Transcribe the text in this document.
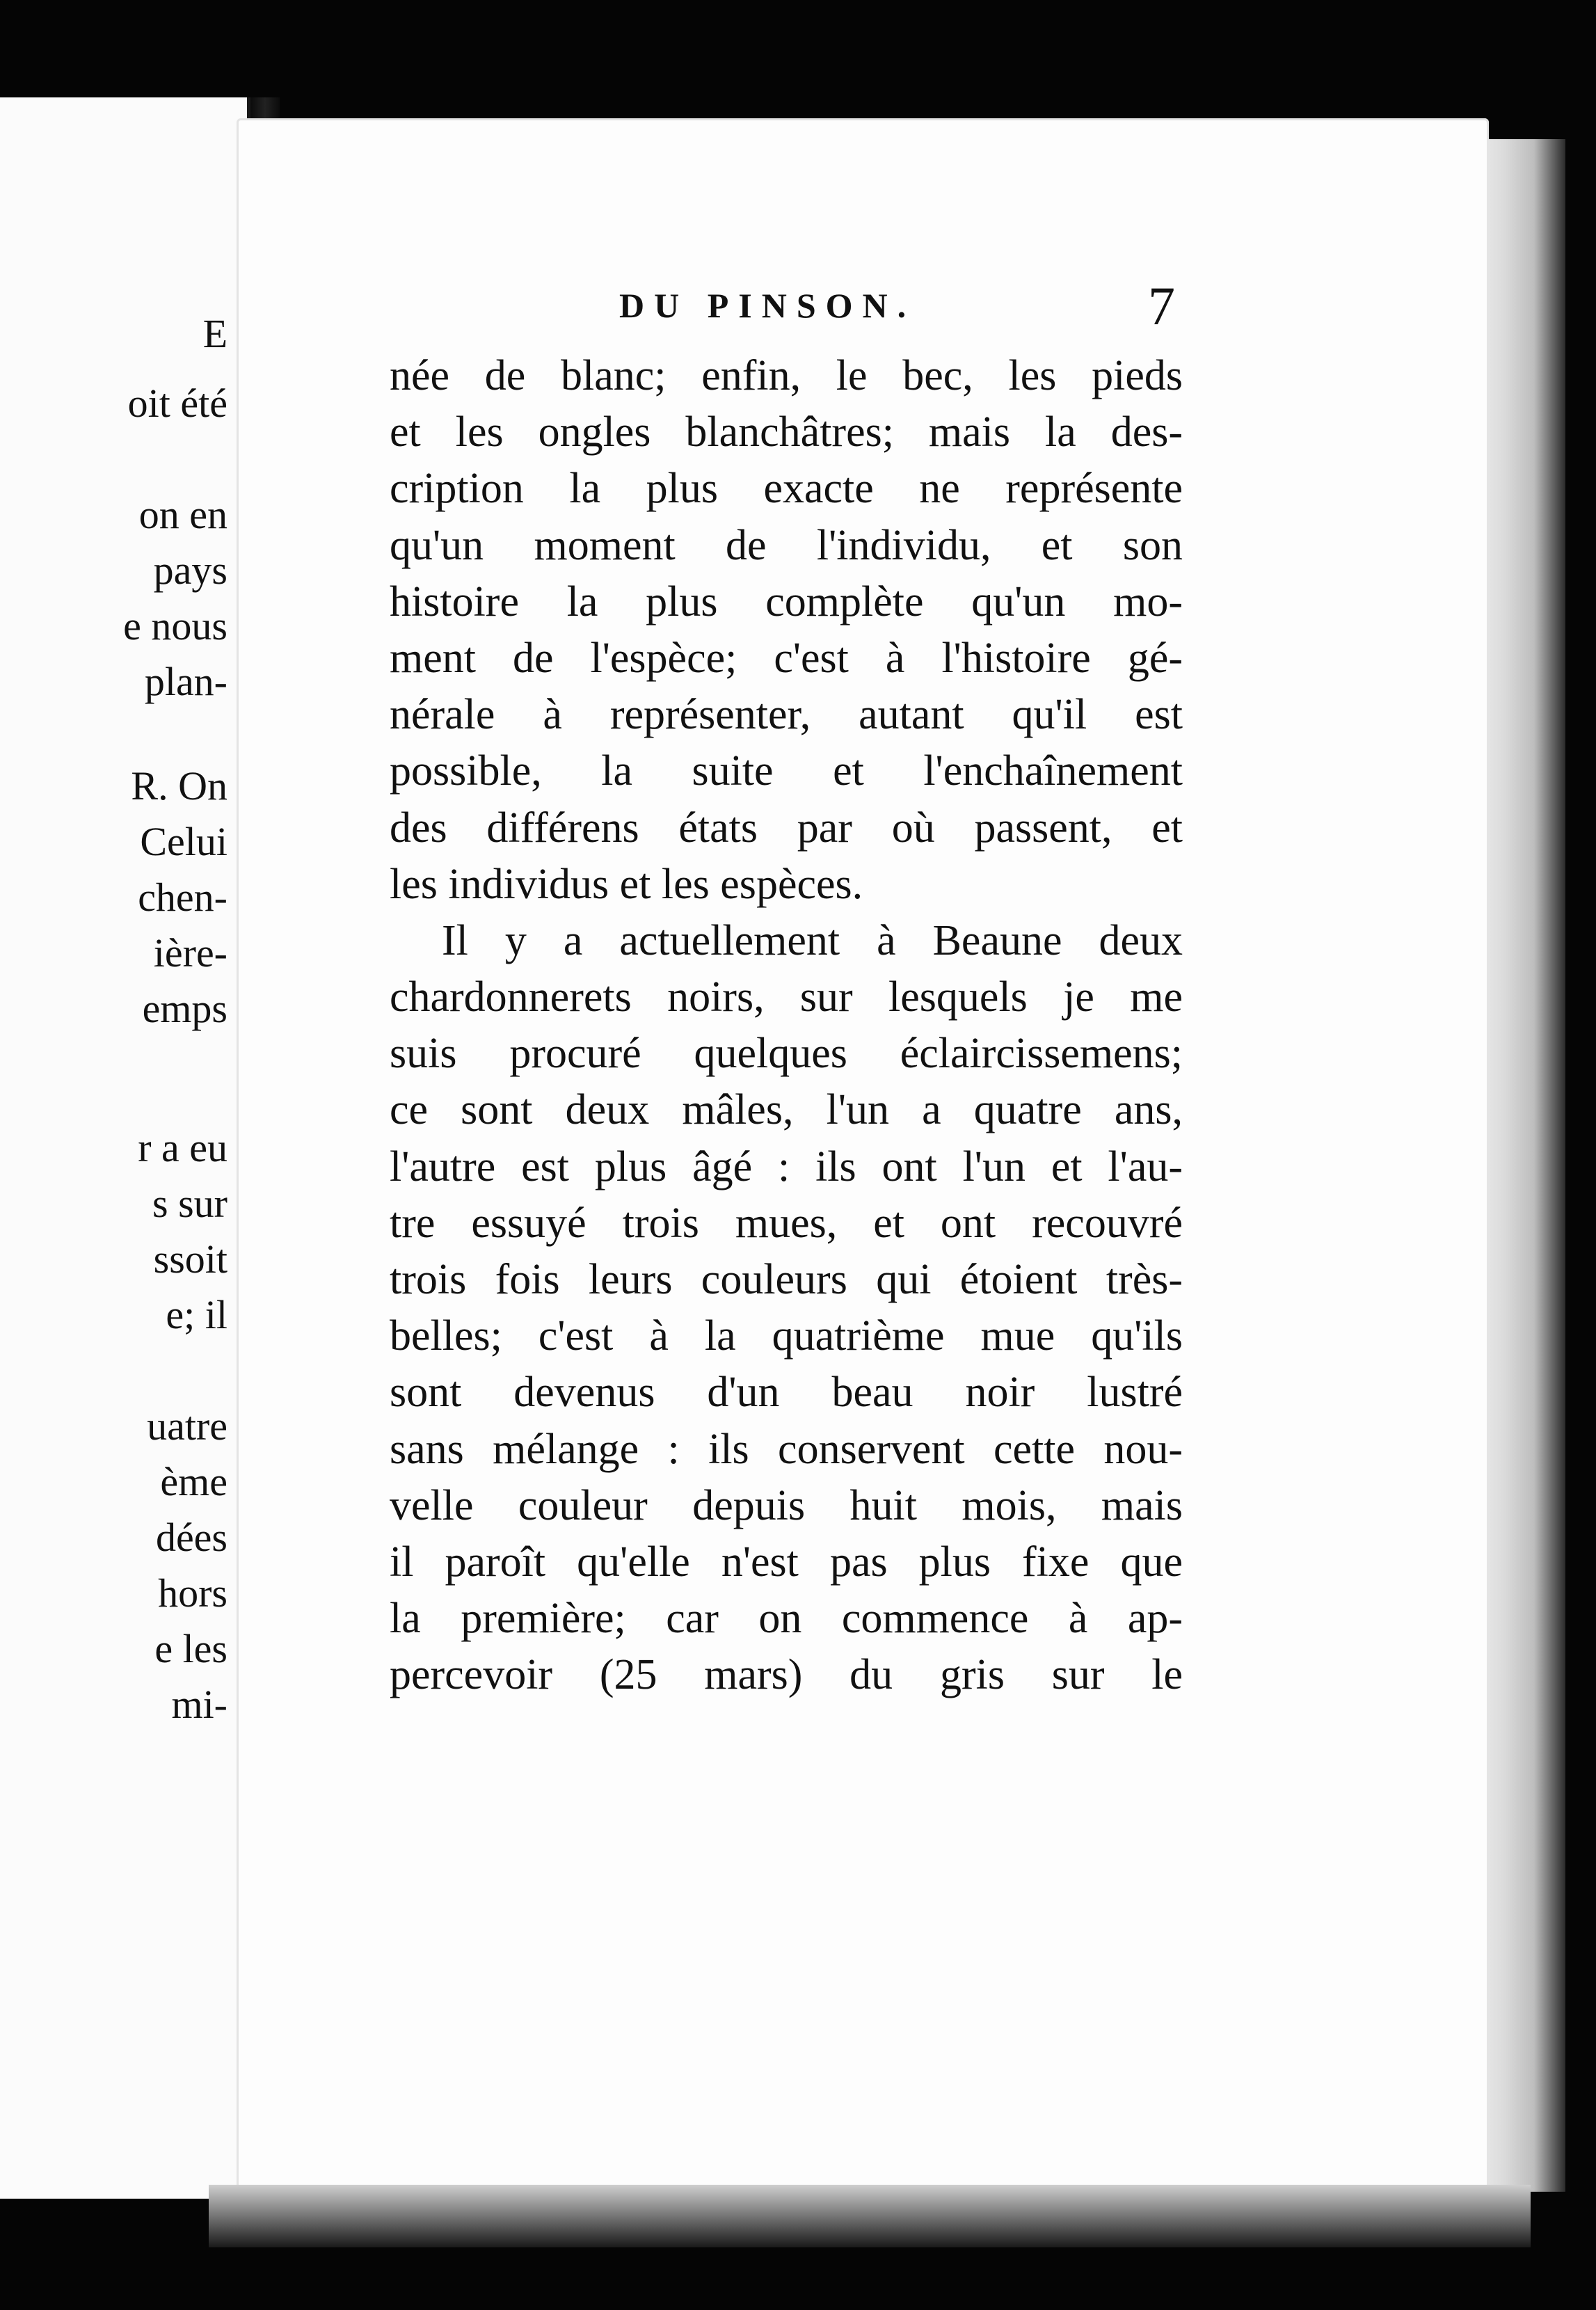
E
oit été
on en
pays
e nous
plan-
R. On
Celui
chen-
ière-
emps
r a eu
s sur
ssoit
e; il
uatre
ème
dées
hors
e les
mi-
DU PINSON.	7
née de blanc; enfin, le bec, les pieds
et les ongles blanchâtres; mais la des-
cription la plus exacte ne représente
qu'un moment de l'individu, et son
histoire la plus complète qu'un mo-
ment de l'espèce; c'est à l'histoire gé-
nérale à représenter, autant qu'il est
possible, la suite et l'enchaînement
des différens états par où passent, et
les individus et les espèces.
Il y a actuellement à Beaune deux
chardonnerets noirs, sur lesquels je me
suis procuré quelques éclaircissemens;
ce sont deux mâles, l'un a quatre ans,
l'autre est plus âgé : ils ont l'un et l'au-
tre essuyé trois mues, et ont recouvré
trois fois leurs couleurs qui étoient très-
belles; c'est à la quatrième mue qu'ils
sont devenus d'un beau noir lustré
sans mélange : ils conservent cette nou-
velle couleur depuis huit mois, mais
il paroît qu'elle n'est pas plus fixe que
la première; car on commence à ap-
percevoir (25 mars) du gris sur le
